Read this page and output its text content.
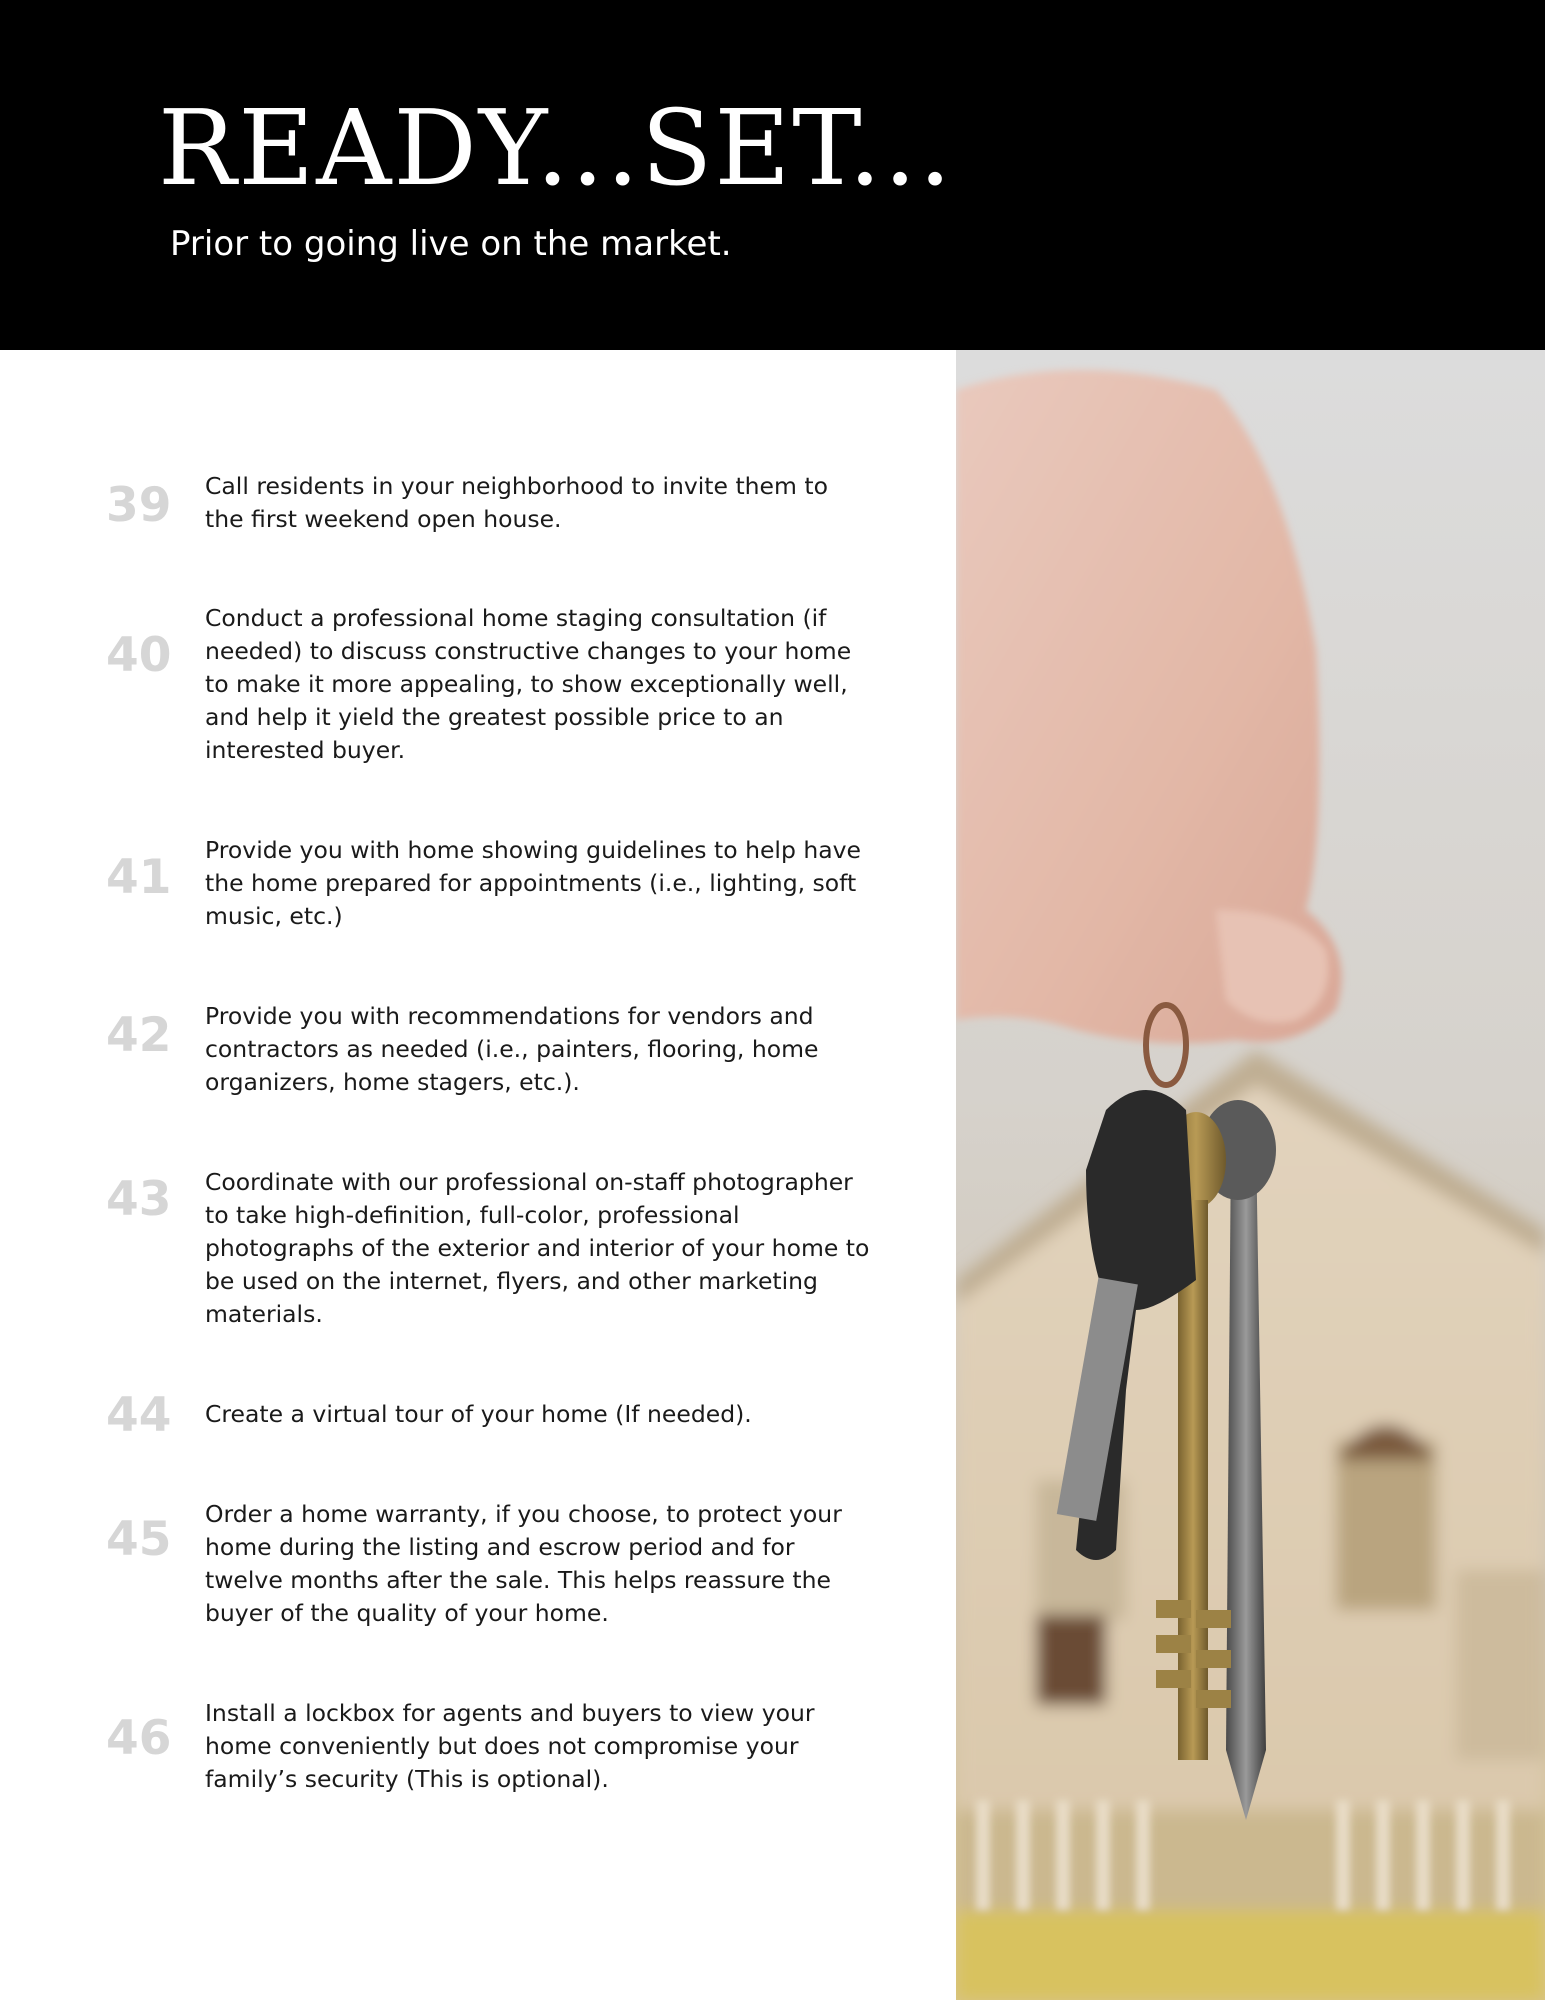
READY...SET...

Prior to going live on the market.

39 Call residents in your neighborhood to invite them to the first weekend open house.

40

Conduct a professional home staging consultation (if needed) to discuss constructive changes to your home to make it more appealing, to show exceptionally well, and help it yield the greatest possible price to an interested buyer.

41 Provide you with home showing guidelines to help have the home prepared for appointments (i.e., lighting, soft music, etc.)

42 Provide you with recommendations for vendors and contractors as needed (i.e., painters, flooring, home organizers, home stagers, etc.).

43 Coordinate with our professional on-staff photographer to take high-definition, full-color, professional photographs of the exterior and interior of your home to be used on the internet, flyers, and other marketing materials.

44 Create a virtual tour of your home (If needed).

45 Order a home warranty, if you choose, to protect your home during the listing and escrow period and for twelve months after the sale. This helps reassure the buyer of the quality of your home.

46 Install a lockbox for agents and buyers to view your home conveniently but does not compromise your family’s security (This is optional).
